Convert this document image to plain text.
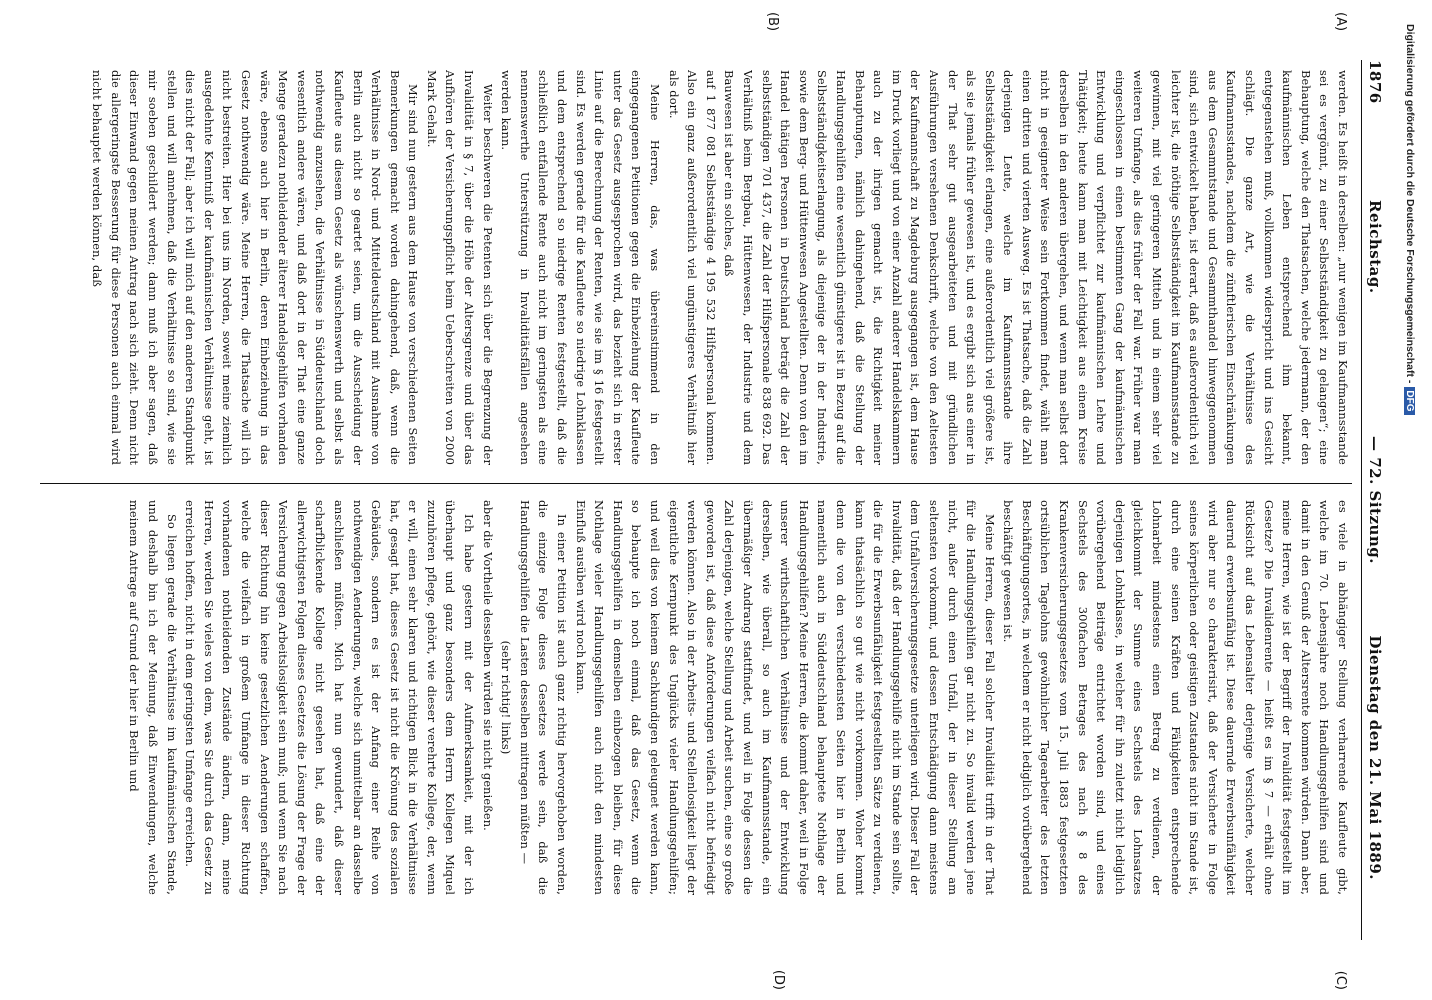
1876
Reichstag.
— 72. Sitzung.
Dienstag den 21. Mai 1889.
(A)
(B)
(C)
(D)

werden. Es heißt in derselben: „nur wenigen im Kaufmannsstande sei es vergönnt, zu einer Selbstständigkeit zu gelangen“; eine Behauptung, welche den Thatsachen, welche jedermann, der den kaufmännischen Leben entsprechend ihm bekannt, entgegenstehen muß, vollkommen widerspricht und ins Gesicht schlägt. Die ganze Art, wie die Verhältnisse des Kaufmannsstandes, nachdem die zünftlerischen Einschränkungen aus dem Gesammtstande und Gesammthandel hinweggenommen sind, sich entwickelt haben, ist derart, daß es außerordentlich viel leichter ist, die nöthige Selbstständigkeit im Kaufmannsstande zu gewinnen, mit viel geringeren Mitteln und in einem sehr viel weiteren Umfange, als dies früher der Fall war. Früher war man eingeschlossen in einen bestimmten Gang der kaufmännischen Entwicklung und verpflichtet zur kaufmännischen Lehre und Thätigkeit; heute kann man mit Leichtigkeit aus einem Kreise derselben in den anderen übergehen, und wenn man selbst dort nicht in geeigneter Weise sein Fortkommen findet, wählt man einen dritten und vierten Ausweg. Es ist Thatsache, daß die Zahl derjenigen Leute, welche im Kaufmannsstande ihre Selbstständigkeit erlangen, eine außerordentlich viel größere ist, als sie jemals früher gewesen ist, und es ergibt sich aus einer in der That sehr gut ausgearbeiteten und mit gründlichen Ausführungen versehenen Denkschrift, welche von den Aeltesten der Kaufmannschaft zu Magdeburg ausgegangen ist, dem Hause im Druck vorliegt und von einer Anzahl anderer Handelskammern auch zu der ihrigen gemacht ist, die Richtigkeit meiner Behauptungen, nämlich dahingehend, daß die Stellung der Handlungsgehilfen eine wesentlich günstigere ist in Bezug auf die Selbstständigkeitserlangung, als diejenige der in der Industrie, sowie dem Berg- und Hüttenwesen Angestellten. Denn von den im Handel thätigen Personen in Deutschland beträgt die Zahl der selbstständigen 701 437, die Zahl der Hilfspersonale 838 692. Das Verhältniß beim Bergbau, Hüttenwesen, der Industrie und dem Bauwesen ist aber ein solches, daß

auf 1 877 081 Selbstständige 4 195 532 Hilfspersonal kommen. Also ein ganz außerordentlich viel ungünstigeres Verhältniß hier als dort.

Meine Herren, das, was übereinstimmend in den eingegangenen Petitionen gegen die Einbeziehung der Kaufleute unter das Gesetz ausgesprochen wird, das bezieht sich in erster Linie auf die Berechnung der Renten, wie sie im § 16 festgestellt sind. Es werden gerade für die Kaufleute so niedrige Lohnklassen und dem entsprechend so niedrige Renten festgestellt, daß die schließlich entfallende Rente auch nicht im geringsten als eine nennenswerthe Unterstützung in Invaliditätsfällen angesehen werden kann.

Weiter beschweren die Petenten sich über die Begrenzung der Invalidität in § 7, über die Höhe der Altersgrenze und über das Aufhören der Versicherungspflicht beim Ueberschreiten von 2000 Mark Gehalt.

Mir sind nun gestern aus dem Hause von verschiedenen Seiten Bemerkungen gemacht worden dahingehend, daß, wenn die Verhältnisse in Nord- und Mitteldeutschland mit Ausnahme von Berlin auch nicht so geartet seien, um die Ausscheidung der Kaufleute aus diesem Gesetz als wünschenswerth und selbst als nothwendig anzusehen, die Verhältnisse in Süddeutschland doch wesentlich andere wären, und daß dort in der That eine ganze Menge geradezu nothleidender älterer Handelsgehilfen vorhanden wäre, ebenso auch hier in Berlin, deren Einbeziehung in das Gesetz nothwendig wäre. Meine Herren, die Thatsache will ich nicht bestreiten. Hier bei uns im Norden, soweit meine ziemlich ausgedehnte Kenntniß der kaufmännischen Verhältnisse geht, ist dies nicht der Fall; aber ich will mich auf den anderen Standpunkt stellen und will annehmen, daß die Verhältnisse so sind, wie sie mir soeben geschildert werden; dann muß ich aber sagen, daß dieser Einwand gegen meinen Antrag nach sich zieht. Denn nicht die allergeringste Besserung für diese Personen auch einmal wird nicht behauptet werden können, daß

es viele in abhängiger Stellung verharrende Kaufleute gibt, welche im 70. Lebensjahre noch Handlungsgehilfen sind und damit in den Genuß der Altersrente kommen würden. Dann aber, meine Herren, wie ist der Begriff der Invalidität festgestellt im Gesetze? Die Invalidenrente — heißt es im § 7 — erhält ohne Rücksicht auf das Lebensalter derjenige Versicherte, welcher dauernd erwerbsunfähig ist. Diese dauernde Erwerbsunfähigkeit wird aber nur so charakterisirt, daß der Versicherte in Folge seines körperlichen oder geistigen Zustandes nicht im Stande ist, durch eine seinen Kräften und Fähigkeiten entsprechende Lohnarbeit mindestens einen Betrag zu verdienen, der gleichkommt der Summe eines Sechstels des Lohnsatzes derjenigen Lohnklasse, in welcher für ihn zuletzt nicht lediglich vorübergehend Beiträge entrichtet worden sind, und eines Sechstels des 300fachen Betrages des nach § 8 des Krankenversicherungsgesetzes vom 15. Juli 1883 festgesetzten ortsüblichen Tagelohns gewöhnlicher Tagearbeiter des letzten Beschäftigungsortes, in welchem er nicht lediglich vorübergehend beschäftigt gewesen ist.

Meine Herren, dieser Fall solcher Invalidität trifft in der That für die Handlungsgehilfen gar nicht zu. So invalid werden jene nicht, außer durch einen Unfall, der in dieser Stellung am seltensten vorkommt, und dessen Entschädigung dann meistens dem Unfallversicherungsgesetze unterliegen wird. Dieser Fall der Invalidität, daß der Handlungsgehilfe nicht im Stande sein sollte, die für die Erwerbsunfähigkeit festgestellten Sätze zu verdienen, kann thatsächlich so gut wie nicht vorkommen. Woher kommt denn die von den verschiedensten Seiten hier in Berlin und namentlich auch in Süddeutschland behauptete Nothlage der Handlungsgehilfen? Meine Herren, die kommt daher, weil in Folge unserer wirthschaftlichen Verhältnisse und der Entwicklung derselben, wie überall, so auch im Kaufmannsstande, ein übermäßiger Andrang stattfindet, und weil in Folge dessen die Zahl derjenigen, welche Stellung und Arbeit suchen, eine so große geworden ist, daß diese Anforderungen vielfach nicht befriedigt werden können. Also in der Arbeits- und Stellenlosigkeit liegt der eigentliche Kernpunkt des Unglücks vieler Handlungsgehilfen; und weil dies von keinem Sachkundigen geleugnet werden kann, so behaupte ich noch einmal, daß das Gesetz, wenn die Handlungsgehilfen in demselben einbezogen bleiben, für diese Nothlage vieler Handlungsgehilfen auch nicht den mindesten Einfluß ausüben wird noch kann.

In einer Petition ist auch ganz richtig hervorgehoben worden, die einzige Folge dieses Gesetzes werde sein, daß die Handlungsgehilfen die Lasten desselben mittragen müßten —

(sehr richtig! links)

aber die Vortheile desselben würden sie nicht genießen.

Ich habe gestern mit der Aufmerksamkeit, mit der ich überhaupt und ganz besonders dem Herrn Kollegen Miquel zuzuhören pflege, gehört, wie dieser verehrte Kollege, der, wenn er will, einen sehr klaren und richtigen Blick in die Verhältnisse hat, gesagt hat, dieses Gesetz ist nicht die Krönung des sozialen Gebäudes, sondern es ist der Anfang einer Reihe von nothwendigen Aenderungen, welche sich unmittelbar an dasselbe anschließen müßten. Mich hat nun gewundert, daß dieser scharfblickende Kollege nicht gesehen hat, daß eine der allerwichtigsten Folgen dieses Gesetzes die Lösung der Frage der Versicherung gegen Arbeitslosigkeit sein muß; und wenn Sie nach dieser Richtung hin keine gesetzlichen Aenderungen schaffen, welche die vielfach in großem Umfange in dieser Richtung vorhandenen nothleidenden Zustände ändern, dann, meine Herren, werden Sie vieles von dem, was Sie durch das Gesetz zu erreichen hoffen, nicht in dem geringsten Umfange erreichen.

So liegen gerade die Verhältnisse im kaufmännischen Stande, und deshalb bin ich der Meinung, daß Einwendungen, welche meinem Antrage auf Grund der hier in Berlin und

Digitalisierung gefördert durch die Deutsche Forschungsgemeinschaft -DFG
